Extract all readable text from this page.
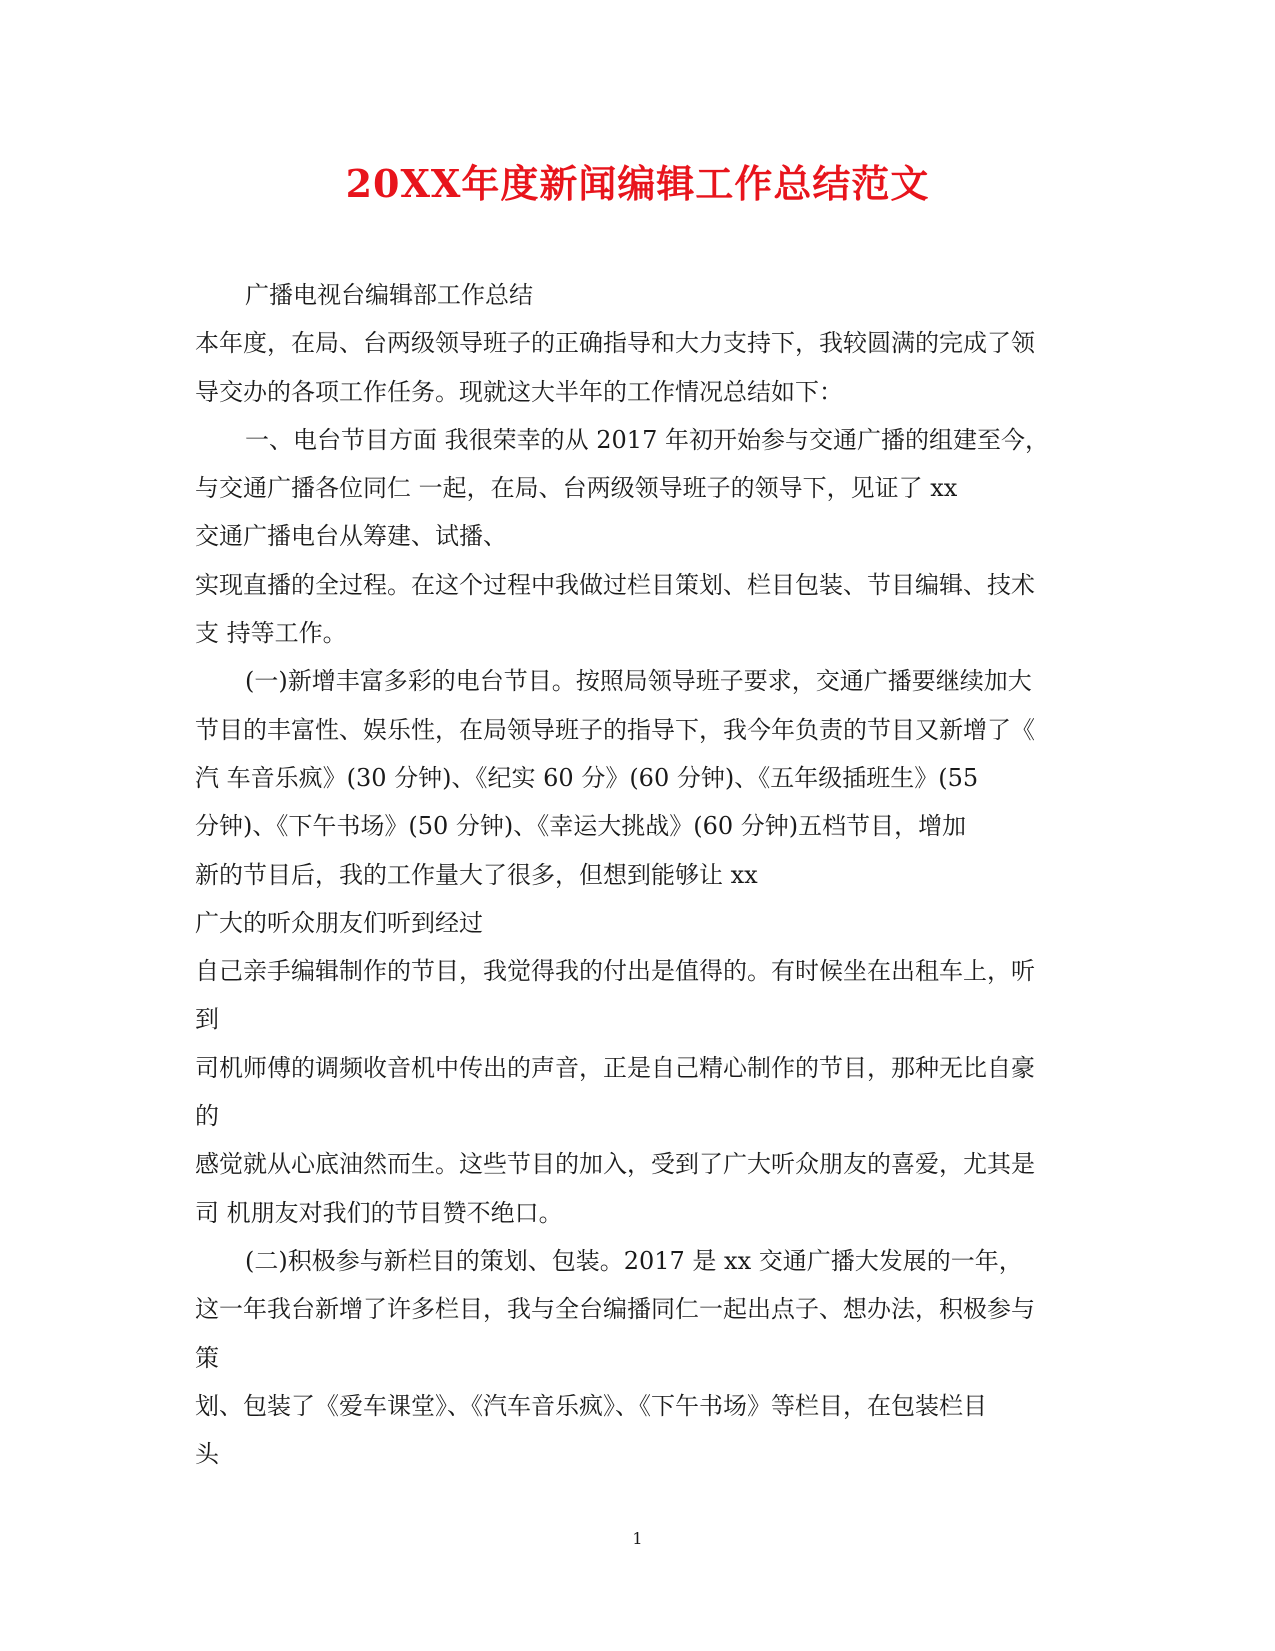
20XX年度新闻编辑工作总结范文
广播电视台编辑部工作总结
本年度，在局、台两级领导班子的正确指导和大力支持下，我较圆满的完成了领
导交办的各项工作任务。现就这大半年的工作情况总结如下：
一、电台节目方面 我很荣幸的从 2017 年初开始参与交通广播的组建至今，
与交通广播各位同仁 一起，在局、台两级领导班子的领导下，见证了 xx
交通广播电台从筹建、试播、
实现直播的全过程。在这个过程中我做过栏目策划、栏目包装、节目编辑、技术
支 持等工作。
(一)新增丰富多彩的电台节目。按照局领导班子要求，交通广播要继续加大
节目的丰富性、娱乐性，在局领导班子的指导下，我今年负责的节目又新增了《
汽 车音乐疯》(30 分钟)、《纪实 60 分》(60 分钟)、《五年级插班生》(55
分钟)、《下午书场》(50 分钟)、《幸运大挑战》(60 分钟)五档节目，增加
新的节目后，我的工作量大了很多，但想到能够让 xx
广大的听众朋友们听到经过
自己亲手编辑制作的节目，我觉得我的付出是值得的。有时候坐在出租车上，听
到
司机师傅的调频收音机中传出的声音，正是自己精心制作的节目，那种无比自豪
的
感觉就从心底油然而生。这些节目的加入，受到了广大听众朋友的喜爱，尤其是
司 机朋友对我们的节目赞不绝口。
(二)积极参与新栏目的策划、包装。2017 是 xx 交通广播大发展的一年，
这一年我台新增了许多栏目，我与全台编播同仁一起出点子、想办法，积极参与
策
划、包装了《爱车课堂》、《汽车音乐疯》、《下午书场》等栏目，在包装栏目
头
1
